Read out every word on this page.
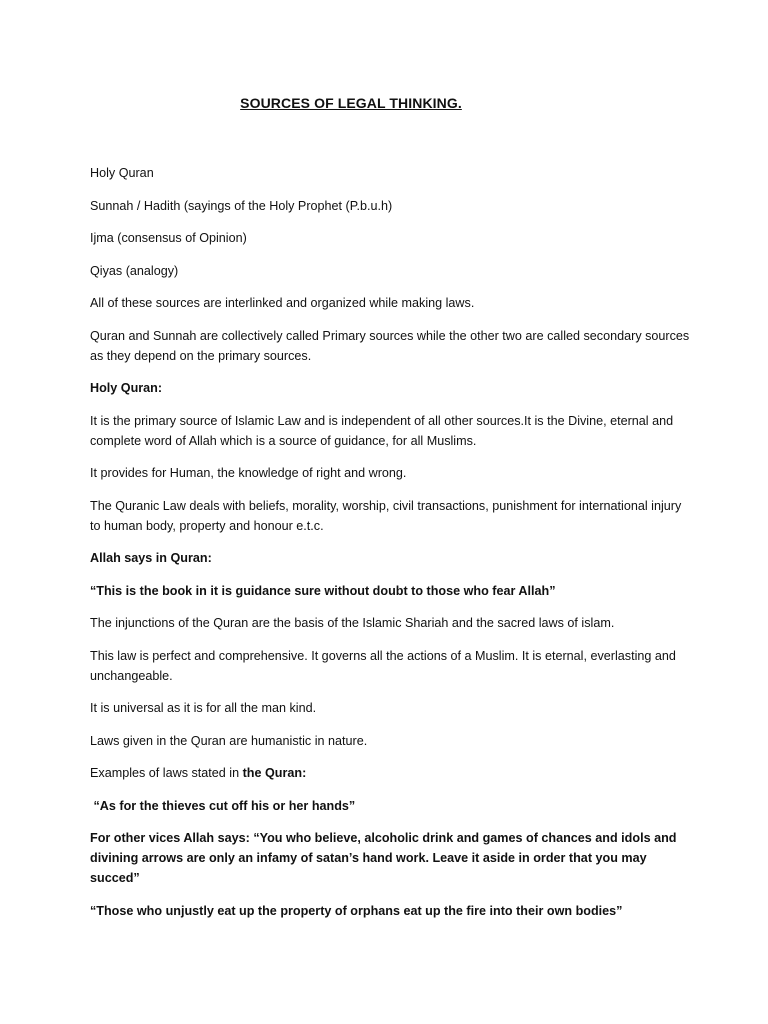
SOURCES OF LEGAL THINKING.

Holy Quran

Sunnah / Hadith (sayings of the Holy Prophet (P.b.u.h)

Ijma (consensus of Opinion)

Qiyas (analogy)

All of these sources are interlinked and organized while making laws.

Quran and Sunnah are collectively called Primary sources while the other two are called secondary sources as they depend on the primary sources.

Holy Quran:

It is the primary source of Islamic Law and is independent of all other sources.It is the Divine, eternal and complete word of Allah which is a source of guidance, for all Muslims.

It provides for Human, the knowledge of right and wrong.

The Quranic Law deals with beliefs, morality, worship, civil transactions, punishment for international injury to human body, property and honour e.t.c.

Allah says in Quran:

“This is the book in it is guidance sure without doubt to those who fear Allah”

The injunctions of the Quran are the basis of the Islamic Shariah and the sacred laws of islam.

This law is perfect and comprehensive. It governs all the actions of a Muslim. It is eternal, everlasting and unchangeable.

It is universal as it is for all the man kind.

Laws given in the Quran are humanistic in nature.

Examples of laws stated in the Quran:

“As for the thieves cut off his or her hands”

For other vices Allah says: “You who believe, alcoholic drink and games of chances and idols and divining arrows are only an infamy of satan’s hand work. Leave it aside in order that you may succed”

“Those who unjustly eat up the property of orphans eat up the fire into their own bodies”
